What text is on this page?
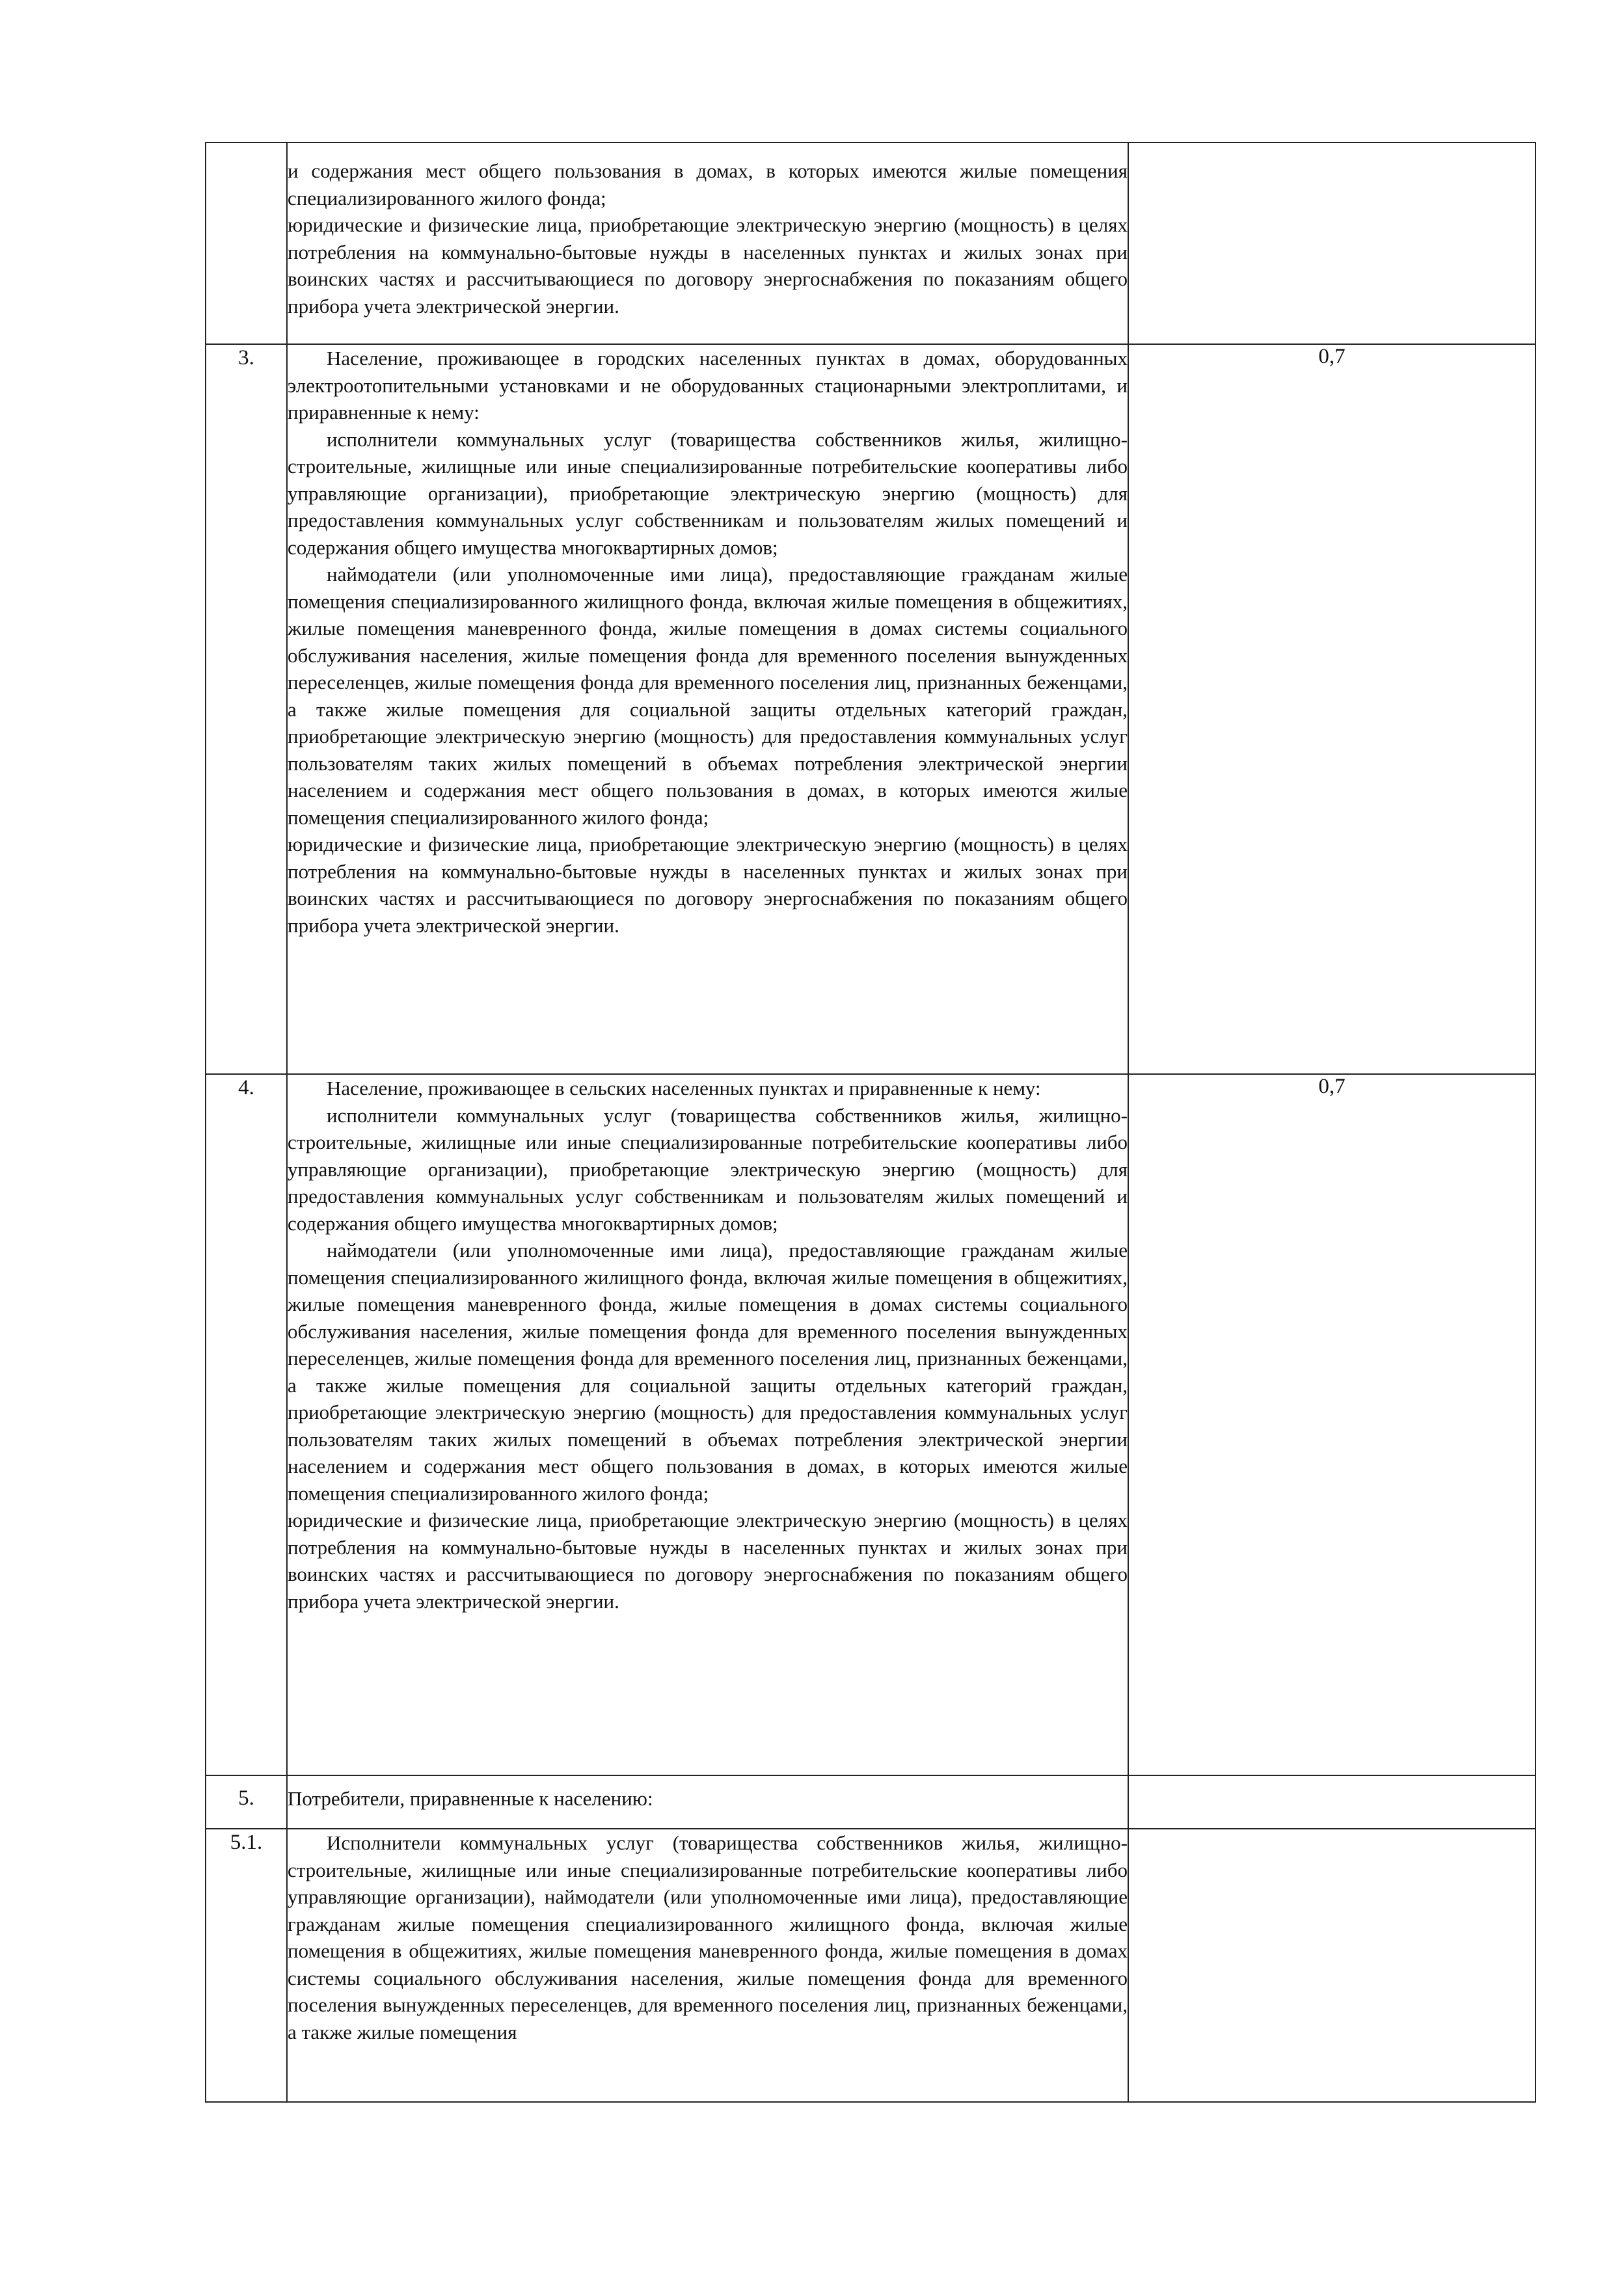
	и содержания мест общего пользования в домах, в которых имеются жилые помещения специализированного жилого фонда;

юридические и физические лица, приобретающие электрическую энергию (мощность) в целях потребления на коммунально-бытовые нужды в населенных пунктах и жилых зонах при воинских частях и рассчитывающиеся по договору энергоснабжения по показаниям общего прибора учета электрической энергии.	

3.	Население, проживающее в городских населенных пунктах в домах, оборудованных электроотопительными установками и не оборудованных стационарными электроплитами, и приравненные к нему:

исполнители коммунальных услуг (товарищества собственников жилья, жилищно-строительные, жилищные или иные специализированные потребительские кооперативы либо управляющие организации), приобретающие электрическую энергию (мощность) для предоставления коммунальных услуг собственникам и пользователям жилых помещений и содержания общего имущества многоквартирных домов;

наймодатели (или уполномоченные ими лица), предоставляющие гражданам жилые помещения специализированного жилищного фонда, включая жилые помещения в общежитиях, жилые помещения маневренного фонда, жилые помещения в домах системы социального обслуживания населения, жилые помещения фонда для временного поселения вынужденных переселенцев, жилые помещения фонда для временного поселения лиц, признанных беженцами, а также жилые помещения для социальной защиты отдельных категорий граждан, приобретающие электрическую энергию (мощность) для предоставления коммунальных услуг пользователям таких жилых помещений в объемах потребления электрической энергии населением и содержания мест общего пользования в домах, в которых имеются жилые помещения специализированного жилого фонда;

юридические и физические лица, приобретающие электрическую энергию (мощность) в целях потребления на коммунально-бытовые нужды в населенных пунктах и жилых зонах при воинских частях и рассчитывающиеся по договору энергоснабжения по показаниям общего прибора учета электрической энергии.	0,7
4.	Население, проживающее в сельских населенных пунктах и приравненные к нему:

исполнители коммунальных услуг (товарищества собственников жилья, жилищно-строительные, жилищные или иные специализированные потребительские кооперативы либо управляющие организации), приобретающие электрическую энергию (мощность) для предоставления коммунальных услуг собственникам и пользователям жилых помещений и содержания общего имущества многоквартирных домов;

наймодатели (или уполномоченные ими лица), предоставляющие гражданам жилые помещения специализированного жилищного фонда, включая жилые помещения в общежитиях, жилые помещения маневренного фонда, жилые помещения в домах системы социального обслуживания населения, жилые помещения фонда для временного поселения вынужденных переселенцев, жилые помещения фонда для временного поселения лиц, признанных беженцами, а также жилые помещения для социальной защиты отдельных категорий граждан, приобретающие электрическую энергию (мощность) для предоставления коммунальных услуг пользователям таких жилых помещений в объемах потребления электрической энергии населением и содержания мест общего пользования в домах, в которых имеются жилые помещения специализированного жилого фонда;

юридические и физические лица, приобретающие электрическую энергию (мощность) в целях потребления на коммунально-бытовые нужды в населенных пунктах и жилых зонах при воинских частях и рассчитывающиеся по договору энергоснабжения по показаниям общего прибора учета электрической энергии.	0,7
5.	Потребители, приравненные к населению:	

5.1.	Исполнители коммунальных услуг (товарищества собственников жилья, жилищно-строительные, жилищные или иные специализированные потребительские кооперативы либо управляющие организации), наймодатели (или уполномоченные ими лица), предоставляющие гражданам жилые помещения специализированного жилищного фонда, включая жилые помещения в общежитиях, жилые помещения маневренного фонда, жилые помещения в домах системы социального обслуживания населения, жилые помещения фонда для временного поселения вынужденных переселенцев, для временного поселения лиц, признанных беженцами, а также жилые помещения	
